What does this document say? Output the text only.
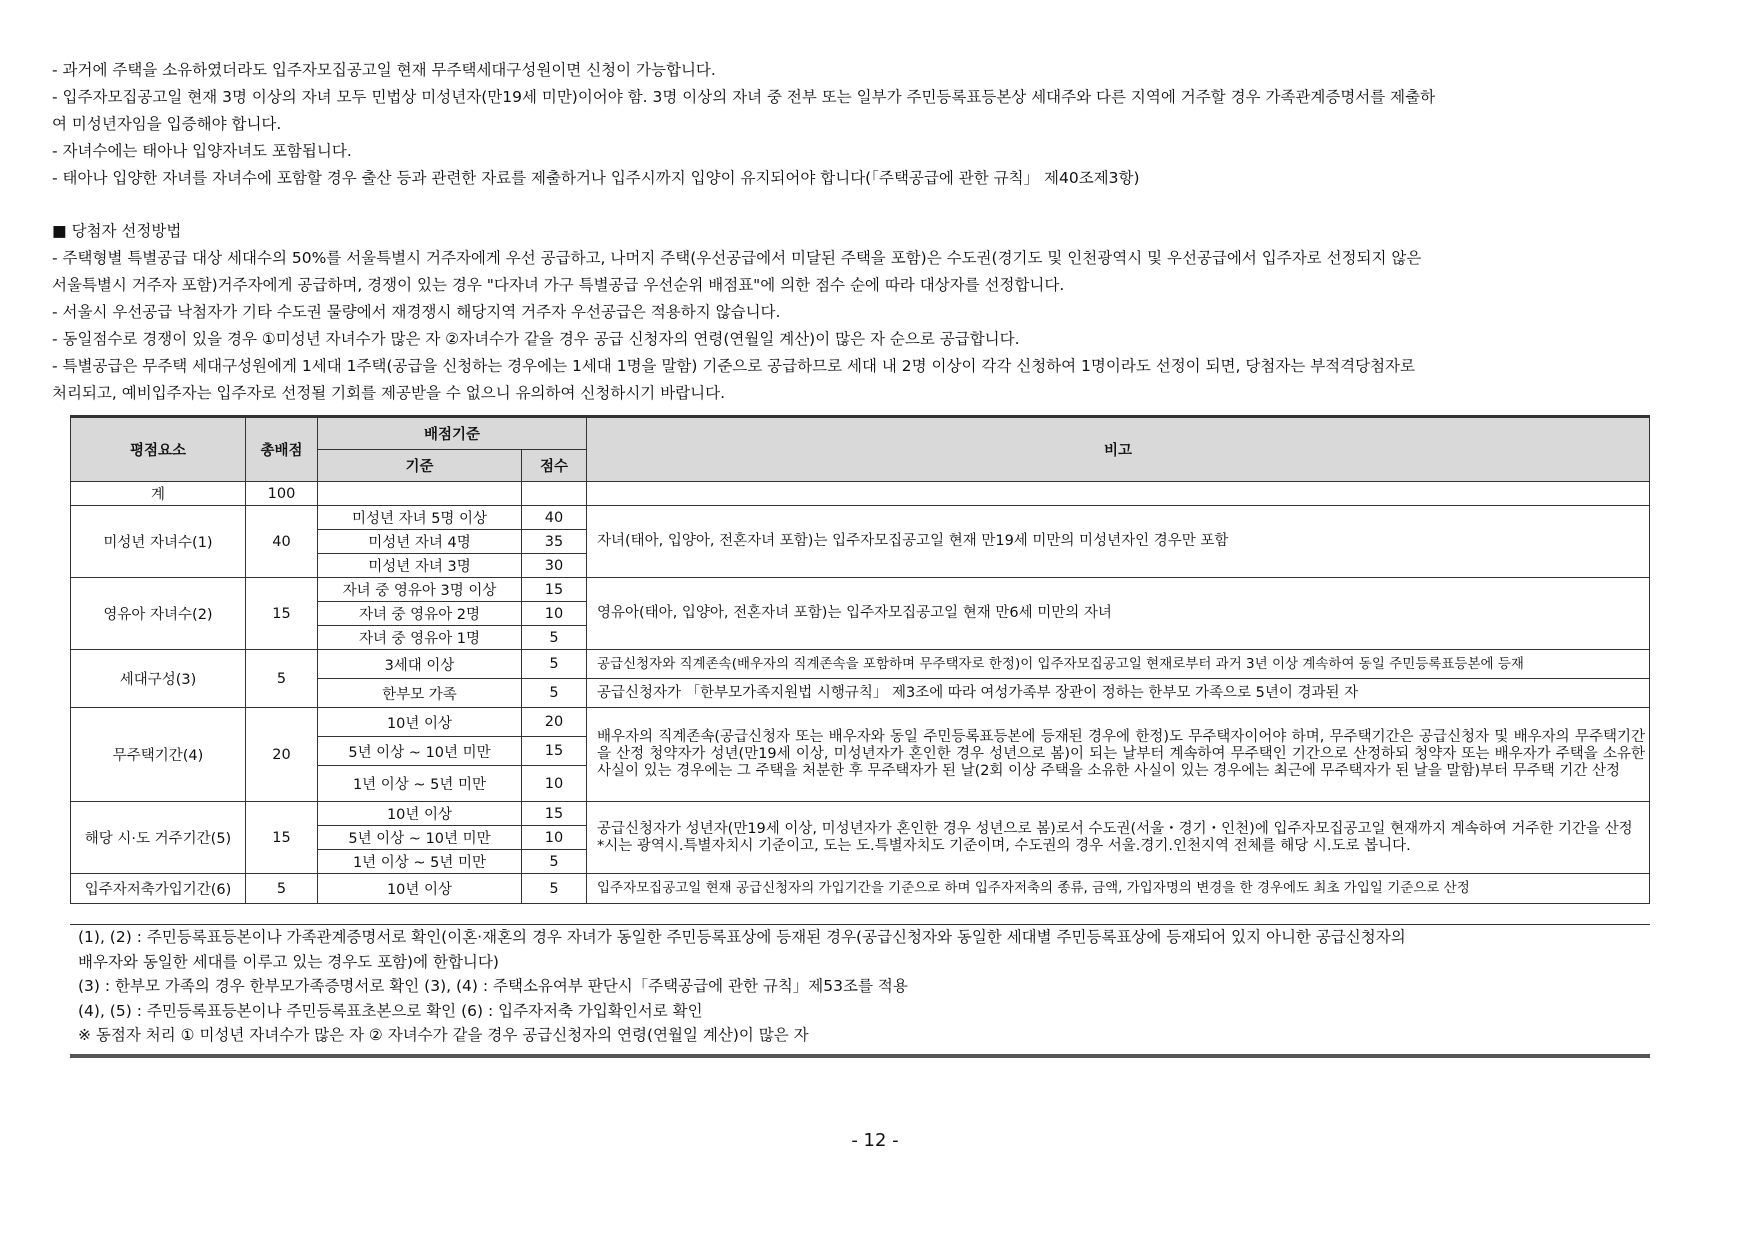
- 과거에 주택을 소유하였더라도 입주자모집공고일 현재 무주택세대구성원이면 신청이 가능합니다.
- 입주자모집공고일 현재 3명 이상의 자녀 모두 민법상 미성년자(만19세 미만)이어야 함. 3명 이상의 자녀 중 전부 또는 일부가 주민등록표등본상 세대주와 다른 지역에 거주할 경우 가족관계증명서를 제출하
여 미성년자임을 입증해야 합니다.
- 자녀수에는 태아나 입양자녀도 포함됩니다.
- 태아나 입양한 자녀를 자녀수에 포함할 경우 출산 등과 관련한 자료를 제출하거나 입주시까지 입양이 유지되어야 합니다(「주택공급에 관한 규칙」 제40조제3항)
■ 당첨자 선정방법
- 주택형별 특별공급 대상 세대수의 50%를 서울특별시 거주자에게 우선 공급하고, 나머지 주택(우선공급에서 미달된 주택을 포함)은 수도권(경기도 및 인천광역시 및 우선공급에서 입주자로 선정되지 않은
서울특별시 거주자 포함)거주자에게 공급하며, 경쟁이 있는 경우 "다자녀 가구 특별공급 우선순위 배점표"에 의한 점수 순에 따라 대상자를 선정합니다.
- 서울시 우선공급 낙첨자가 기타 수도권 물량에서 재경쟁시 해당지역 거주자 우선공급은 적용하지 않습니다.
- 동일점수로 경쟁이 있을 경우 ①미성년 자녀수가 많은 자 ②자녀수가 같을 경우 공급 신청자의 연령(연월일 계산)이 많은 자 순으로 공급합니다.
- 특별공급은 무주택 세대구성원에게 1세대 1주택(공급을 신청하는 경우에는 1세대 1명을 말함) 기준으로 공급하므로 세대 내 2명 이상이 각각 신청하여 1명이라도 선정이 되면, 당첨자는 부적격당첨자로
처리되고, 예비입주자는 입주자로 선정될 기회를 제공받을 수 없으니 유의하여 신청하시기 바랍니다.
평점요소	총배점	배점기준		비고
		기준	점수	
계	100			
미성년 자녀수(1)	40	미성년 자녀 5명 이상	40	자녀(태아, 입양아, 전혼자녀 포함)는 입주자모집공고일 현재 만19세 미만의 미성년자인 경우만 포함
		미성년 자녀 4명	35	
		미성년 자녀 3명	30	
영유아 자녀수(2)	15	자녀 중 영유아 3명 이상	15	영유아(태아, 입양아, 전혼자녀 포함)는 입주자모집공고일 현재 만6세 미만의 자녀
		자녀 중 영유아 2명	10	
		자녀 중 영유아 1명	5	
세대구성(3)	5	3세대 이상	5	공급신청자와 직계존속(배우자의 직계존속을 포함하며 무주택자로 한정)이 입주자모집공고일 현재로부터 과거 3년 이상 계속하여 동일 주민등록표등본에 등재
		한부모 가족	5	공급신청자가 「한부모가족지원법 시행규칙」 제3조에 따라 여성가족부 장관이 정하는 한부모 가족으로 5년이 경과된 자
무주택기간(4)	20	10년 이상	20	배우자의 직계존속(공급신청자 또는 배우자와 동일 주민등록표등본에 등재된 경우에 한정)도 무주택자이어야 하며, 무주택기간은 공급신청자 및 배우자의 무주택기간을 산정 청약자가 성년(만19세 이상, 미성년자가 혼인한 경우 성년으로 봄)이 되는 날부터 계속하여 무주택인 기간으로 산정하되 청약자 또는 배우자가 주택을 소유한 사실이 있는 경우에는 그 주택을 처분한 후 무주택자가 된 날(2회 이상 주택을 소유한 사실이 있는 경우에는 최근에 무주택자가 된 날을 말함)부터 무주택 기간 산정
		5년 이상 ~ 10년 미만	15	
		1년 이상 ~ 5년 미만	10	
해당 시·도 거주기간(5)	15	10년 이상	15	공급신청자가 성년자(만19세 이상, 미성년자가 혼인한 경우 성년으로 봄)로서 수도권(서울・경기・인천)에 입주자모집공고일 현재까지 계속하여 거주한 기간을 산정
*시는 광역시.특별자치시 기준이고, 도는 도.특별자치도 기준이며, 수도권의 경우 서울.경기.인천지역 전체를 해당 시.도로 봅니다.

		5년 이상 ~ 10년 미만	10	
		1년 이상 ~ 5년 미만	5	
입주자저축가입기간(6)	5	10년 이상	5	입주자모집공고일 현재 공급신청자의 가입기간을 기준으로 하며 입주자저축의 종류, 금액, 가입자명의 변경을 한 경우에도 최초 가입일 기준으로 산정
(1), (2) : 주민등록표등본이나 가족관계증명서로 확인(이혼·재혼의 경우 자녀가 동일한 주민등록표상에 등재된 경우(공급신청자와 동일한 세대별 주민등록표상에 등재되어 있지 아니한 공급신청자의
배우자와 동일한 세대를 이루고 있는 경우도 포함)에 한합니다)
(3) : 한부모 가족의 경우 한부모가족증명서로 확인 (3), (4) : 주택소유여부 판단시「주택공급에 관한 규칙」제53조를 적용
(4), (5) : 주민등록표등본이나 주민등록표초본으로 확인 (6) : 입주자저축 가입확인서로 확인
※ 동점자 처리 ① 미성년 자녀수가 많은 자 ② 자녀수가 같을 경우 공급신청자의 연령(연월일 계산)이 많은 자
- 12 -
